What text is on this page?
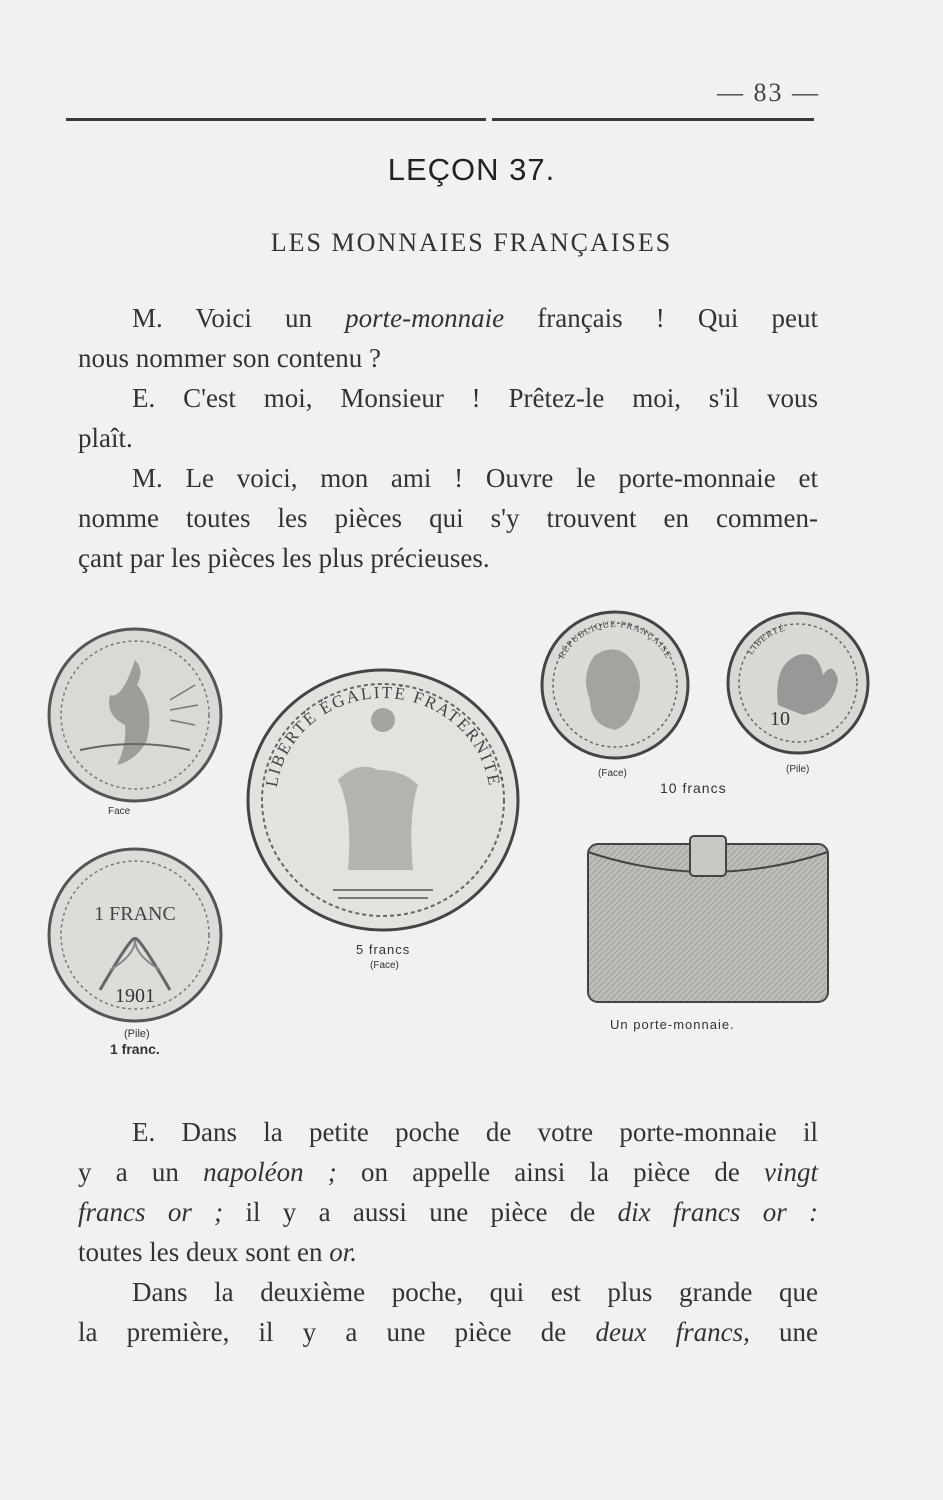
— 83 —
LEÇON 37.
LES MONNAIES FRANÇAISES
M. Voici un porte-monnaie français ! Qui peut
nous nommer son contenu ?
E. C'est moi, Monsieur ! Prêtez-le moi, s'il vous
plaît.
M. Le voici, mon ami ! Ouvre le porte-monnaie et
nomme toutes les pièces qui s'y trouvent en commen-
çant par les pièces les plus précieuses.
Face
1 FRANC
1901
(Pile)
1 franc.
LIBERTÉ ÉGALITÉ FRATERNITÉ
5 francs
(Face)
RÉPUBLIQUE FRANÇAISE
(Face)
LIBERTÉ
10
(Pile)
10 francs
Un porte-monnaie.
E. Dans la petite poche de votre porte-monnaie il
y a un napoléon ; on appelle ainsi la pièce de vingt
francs or ; il y a aussi une pièce de dix francs or :
toutes les deux sont en or.
Dans la deuxième poche, qui est plus grande que
la première, il y a une pièce de deux francs, une
